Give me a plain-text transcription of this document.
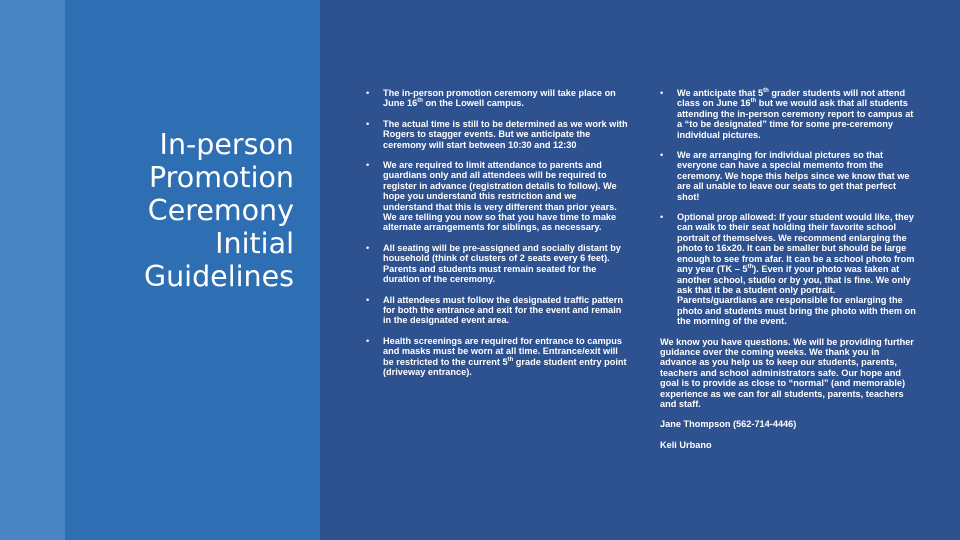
In-person
Promotion
Ceremony
Initial
Guidelines
• The in-person promotion ceremony will take place on June 16th on the Lowell campus.
• The actual time is still to be determined as we work with Rogers to stagger events. But we anticipate the ceremony will start between 10:30 and 12:30
• We are required to limit attendance to parents and guardians only and all attendees will be required to register in advance (registration details to follow). We hope you understand this restriction and we understand that this is very different than prior years. We are telling you now so that you have time to make alternate arrangements for siblings, as necessary.
• All seating will be pre-assigned and socially distant by household (think of clusters of 2 seats every 6 feet). Parents and students must remain seated for the duration of the ceremony.
• All attendees must follow the designated traffic pattern for both the entrance and exit for the event and remain in the designated event area.
• Health screenings are required for entrance to campus and masks must be worn at all time. Entrance/exit will be restricted to the current 5th grade student entry point (driveway entrance).
• We anticipate that 5th grader students will not attend class on June 16th but we would ask that all students attending the in-person ceremony report to campus at a “to be designated” time for some pre-ceremony individual pictures.
• We are arranging for individual pictures so that everyone can have a special memento from the ceremony. We hope this helps since we know that we are all unable to leave our seats to get that perfect shot!
• Optional prop allowed: If your student would like, they can walk to their seat holding their favorite school portrait of themselves. We recommend enlarging the photo to 16x20. It can be smaller but should be large enough to see from afar. It can be a school photo from any year (TK – 5th). Even if your photo was taken at another school, studio or by you, that is fine. We only ask that it be a student only portrait. Parents/guardians are responsible for enlarging the photo and students must bring the photo with them on the morning of the event.

We know you have questions. We will be providing further guidance over the coming weeks. We thank you in advance as you help us to keep our students, parents, teachers and school administrators safe. Our hope and goal is to provide as close to “normal” (and memorable) experience as we can for all students, parents, teachers and staff.

Jane Thompson (562-714-4446)

Keli Urbano
